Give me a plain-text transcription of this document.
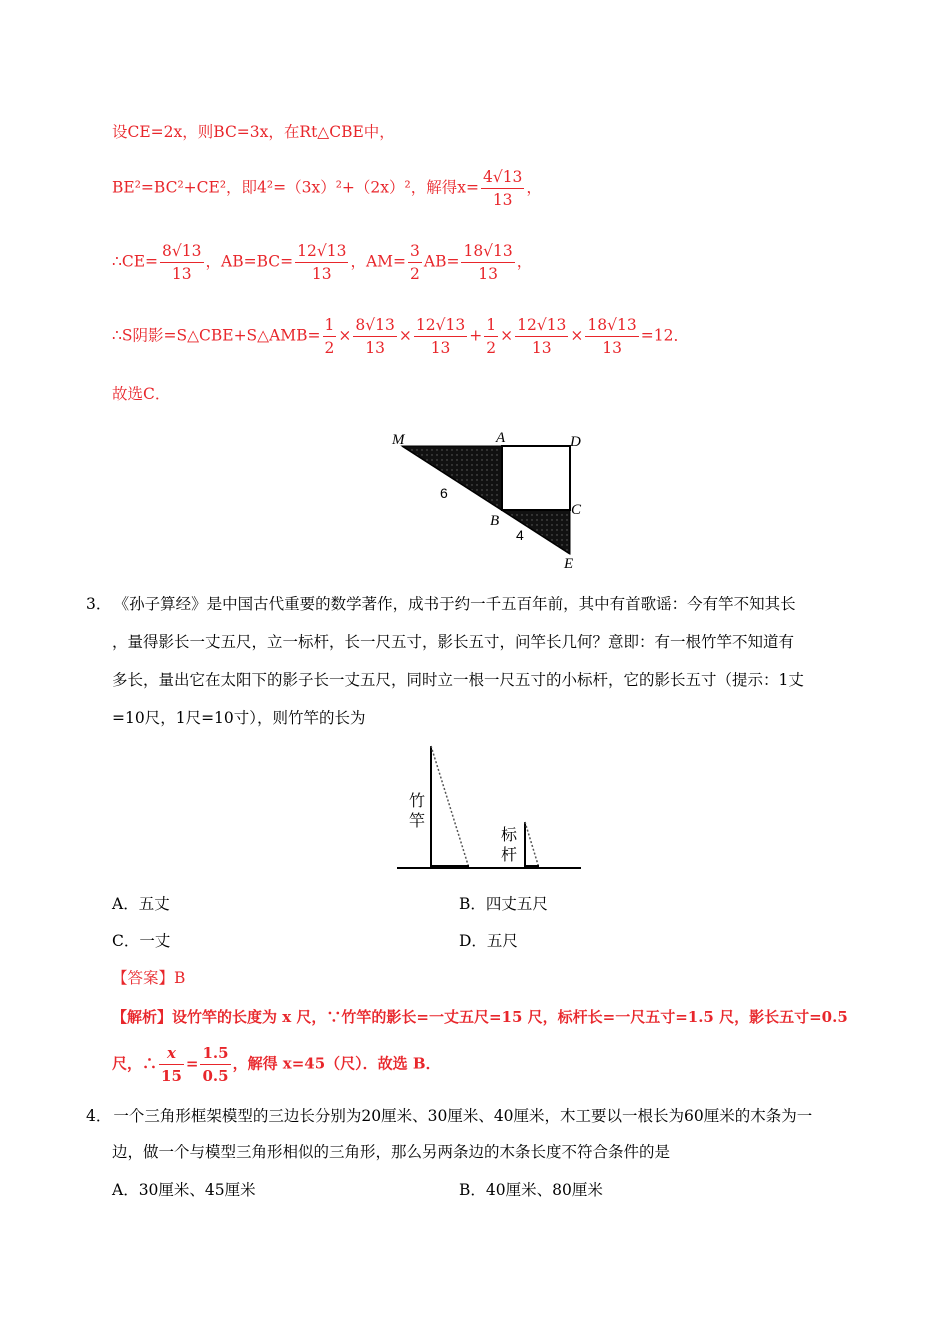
设CE=2x，则BC=3x，在Rt△CBE中，
BE²=BC²+CE²，即4²=（3x）²+（2x）²，解得$x= \frac{4√13}{13}$ ，
∴CE= $\frac{8√13}{13}$ ，$AB=BC= \frac{12√13}{13}$ ，$AM= \frac{3}{2} AB= \frac{18√13}{13}$ ，
∴S阴影=S△CBE+S△AMB= $\frac{1}{2} \times \frac{8√13}{13} \times \frac{12√13}{13} + \frac{1}{2} \times \frac{12√13}{13} \times \frac{18√13}{13} =12$．
故选C．
M	A	D
B
C
E
6
4
3． 《孙子算经》是中国古代重要的数学著作，成书于约一千五百年前，其中有首歌谣：今有竿不知其长
，量得影长一丈五尺，立一标杆，长一尺五寸，影长五寸，问竿长几何？意即：有一根竹竿不知道有
多长，量出它在太阳下的影子长一丈五尺，同时立一根一尺五寸的小标杆，它的影长五寸（提示：1丈
=10尺，1尺=10寸），则竹竿的长为
竹
竿
标
杆
A．五丈	B．四丈五尺
C．一丈	D．五尺
【答案】B
【解析】设竹竿的长度为 x 尺，∵竹竿的影长=一丈五尺=15 尺，标杆长=一尺五寸=1.5 尺，影长五寸=0.5
尺，∴ $\frac{x}{15} = \frac{1.5}{0.5}$ ，解得 x=45（尺）．故选 B．
4． 一个三角形框架模型的三边长分别为20厘米、30厘米、40厘米，木工要以一根长为60厘米的木条为一
边，做一个与模型三角形相似的三角形，那么另两条边的木条长度不符合条件的是
A．30厘米、45厘米	B．40厘米、80厘米
